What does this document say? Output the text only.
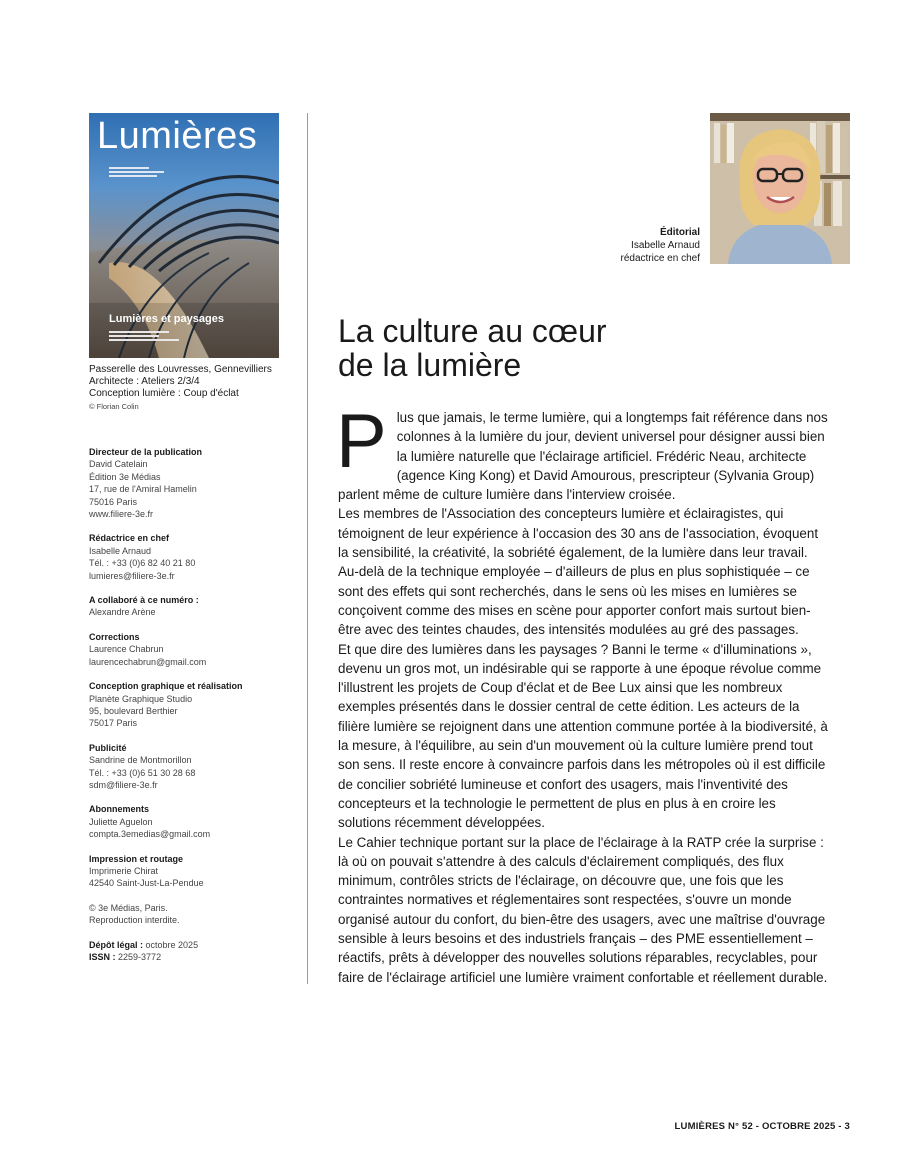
Lumières
Lumières et paysages
Passerelle des Louvresses, Gennevilliers
Architecte : Ateliers 2/3/4
Conception lumière : Coup d'éclat
© Florian Colin
Directeur de la publication
David Catelain
Édition 3e Médias
17, rue de l'Amiral Hamelin
75016 Paris
www.filiere-3e.fr
Rédactrice en chef
Isabelle Arnaud
Tél. : +33 (0)6 82 40 21 80
lumieres@filiere-3e.fr
A collaboré à ce numéro :
Alexandre Arène
Corrections
Laurence Chabrun
laurencechabrun@gmail.com
Conception graphique et réalisation
Planète Graphique Studio
95, boulevard Berthier
75017 Paris
Publicité
Sandrine de Montmorillon
Tél. : +33 (0)6 51 30 28 68
sdm@filiere-3e.fr
Abonnements
Juliette Aguelon
compta.3emedias@gmail.com
Impression et routage
Imprimerie Chirat
42540 Saint-Just-La-Pendue
© 3e Médias, Paris.
Reproduction interdite.
Dépôt légal : octobre 2025
ISSN : 2259-3772
Éditorial
Isabelle Arnaud
rédactrice en chef
La culture au cœur
de la lumière

Plus que jamais, le terme lumière, qui a longtemps fait référence dans nos colonnes à la lumière du jour, devient universel pour désigner aussi bien la lumière naturelle que l'éclairage artificiel. Frédéric Neau, architecte (agence King Kong) et David Amourous, prescripteur (Sylvania Group) parlent même de culture lumière dans l'interview croisée.

Les membres de l'Association des concepteurs lumière et éclairagistes, qui témoignent de leur expérience à l'occasion des 30 ans de l'association, évoquent la sensibilité, la créativité, la sobriété également, de la lumière dans leur travail.

Au-delà de la technique employée – d'ailleurs de plus en plus sophistiquée – ce sont des effets qui sont recherchés, dans le sens où les mises en lumières se conçoivent comme des mises en scène pour apporter confort mais surtout bien-être avec des teintes chaudes, des intensités modulées au gré des passages.

Et que dire des lumières dans les paysages ? Banni le terme « d'illuminations », devenu un gros mot, un indésirable qui se rapporte à une époque révolue comme l'illustrent les projets de Coup d'éclat et de Bee Lux ainsi que les nombreux exemples présentés dans le dossier central de cette édition. Les acteurs de la filière lumière se rejoignent dans une attention commune portée à la biodiversité, à la mesure, à l'équilibre, au sein d'un mouvement où la culture lumière prend tout son sens. Il reste encore à convaincre parfois dans les métropoles où il est difficile de concilier sobriété lumineuse et confort des usagers, mais l'inventivité des concepteurs et la technologie le permettent de plus en plus à en croire les solutions récemment développées.

Le Cahier technique portant sur la place de l'éclairage à la RATP crée la surprise : là où on pouvait s'attendre à des calculs d'éclairement compliqués, des flux minimum, contrôles stricts de l'éclairage, on découvre que, une fois que les contraintes normatives et réglementaires sont respectées, s'ouvre un monde organisé autour du confort, du bien-être des usagers, avec une maîtrise d'ouvrage sensible à leurs besoins et des industriels français – des PME essentiellement – réactifs, prêts à développer des nouvelles solutions réparables, recyclables, pour faire de l'éclairage artificiel une lumière vraiment confortable et réellement durable.

LUMIÈRES N° 52 - OCTOBRE 2025 - 3
